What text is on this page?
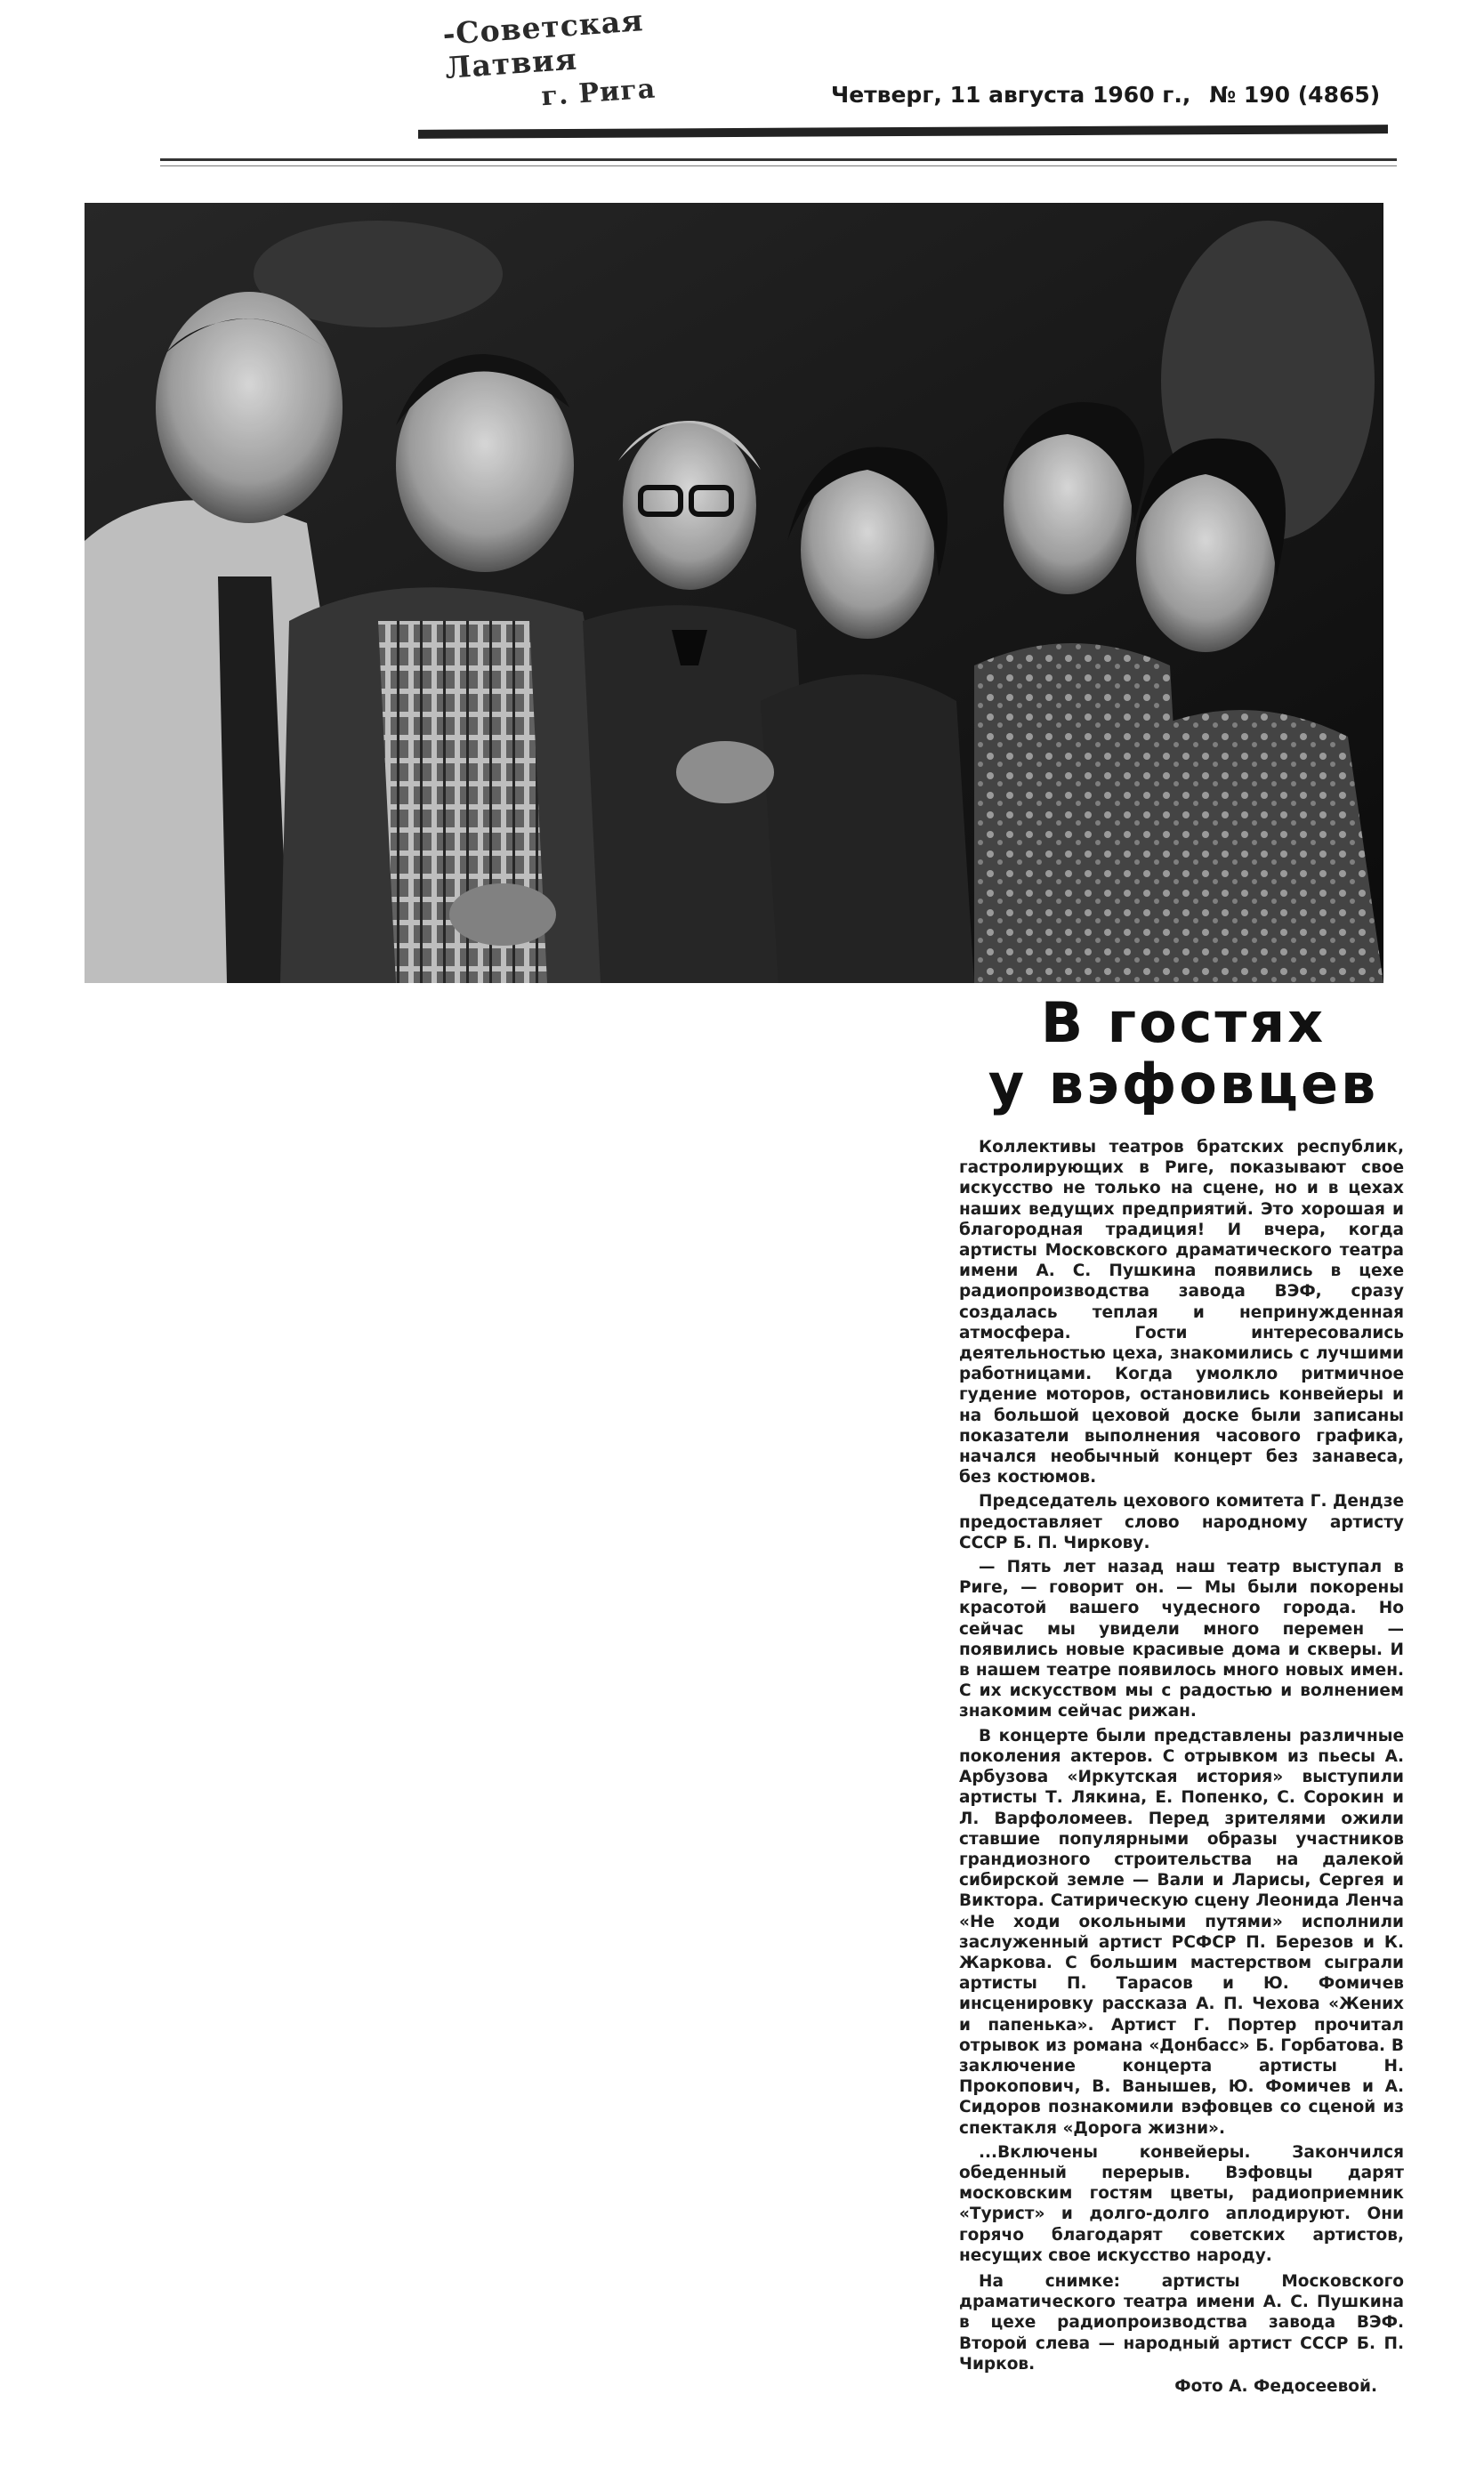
-Советская Латвия
г. Рига	Четверг, 11 августа 1960 г., № 190 (4865)
В гостях
у вэфовцев

Коллективы театров братских республик, гастролирующих в Риге, показывают свое искусство не только на сцене, но и в цехах наших ведущих предприятий. Это хорошая и благородная традиция! И вчера, когда артисты Московского драматического театра имени А. С. Пушкина появились в цехе радиопроизводства завода ВЭФ, сразу создалась теплая и непринужденная атмосфера. Гости интересовались деятельностью цеха, знакомились с лучшими работницами. Когда умолкло ритмичное гудение моторов, остановились конвейеры и на большой цеховой доске были записаны показатели выполнения часового графика, начался необычный концерт без занавеса, без костюмов.

Председатель цехового комитета Г. Дендзе предоставляет слово народному артисту СССР Б. П. Чиркову.

— Пять лет назад наш театр выступал в Риге, — говорит он. — Мы были покорены красотой вашего чудесного города. Но сейчас мы увидели много перемен — появились новые красивые дома и скверы. И в нашем театре появилось много новых имен. С их искусством мы с радостью и волнением знакомим сейчас рижан.

В концерте были представлены различные поколения актеров. С отрывком из пьесы А. Арбузова «Иркутская история» выступили артисты Т. Лякина, Е. Попенко, С. Сорокин и Л. Варфоломеев. Перед зрителями ожили ставшие популярными образы участников грандиозного строительства на далекой сибирской земле — Вали и Ларисы, Сергея и Виктора. Сатирическую сцену Леонида Ленча «Не ходи окольными путями» исполнили заслуженный артист РСФСР П. Березов и К. Жаркова. С большим мастерством сыграли артисты П. Тарасов и Ю. Фомичев инсценировку рассказа А. П. Чехова «Жених и папенька». Артист Г. Портер прочитал отрывок из романа «Донбасс» Б. Горбатова. В заключение концерта артисты Н. Прокопович, В. Ванышев, Ю. Фомичев и А. Сидоров познакомили вэфовцев со сценой из спектакля «Дорога жизни».

...Включены конвейеры. Закончился обеденный перерыв. Вэфовцы дарят московским гостям цветы, радиоприемник «Турист» и долго-долго аплодируют. Они горячо благодарят советских артистов, несущих свое искусство народу.

На снимке:	артисты Московского драматического театра имени А. С. Пушкина в цехе радиопроизводства завода ВЭФ. Второй слева — народный артист СССР Б. П. Чирков.
Фото А. Федосеевой.
